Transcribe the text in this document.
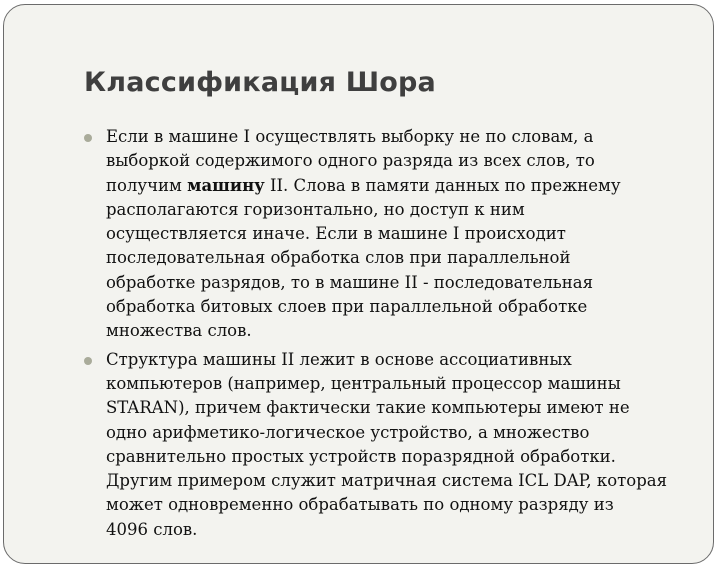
Классификация Шора
Если в машине I осуществлять выборку не по словам, а
выборкой содержимого одного разряда из всех слов, то
получим машину II. Слова в памяти данных по прежнему
располагаются горизонтально, но доступ к ним
осуществляется иначе. Если в машине I происходит
последовательная обработка слов при параллельной
обработке разрядов, то в машине II - последовательная
обработка битовых слоев при параллельной обработке
множества слов.
Структура машины II лежит в основе ассоциативных
компьютеров (например, центральный процессор машины
STARAN), причем фактически такие компьютеры имеют не
одно арифметико-логическое устройство, а множество
сравнительно простых устройств поразрядной обработки.
Другим примером служит матричная система ICL DAP, которая
может одновременно обрабатывать по одному разряду из
4096 слов.
